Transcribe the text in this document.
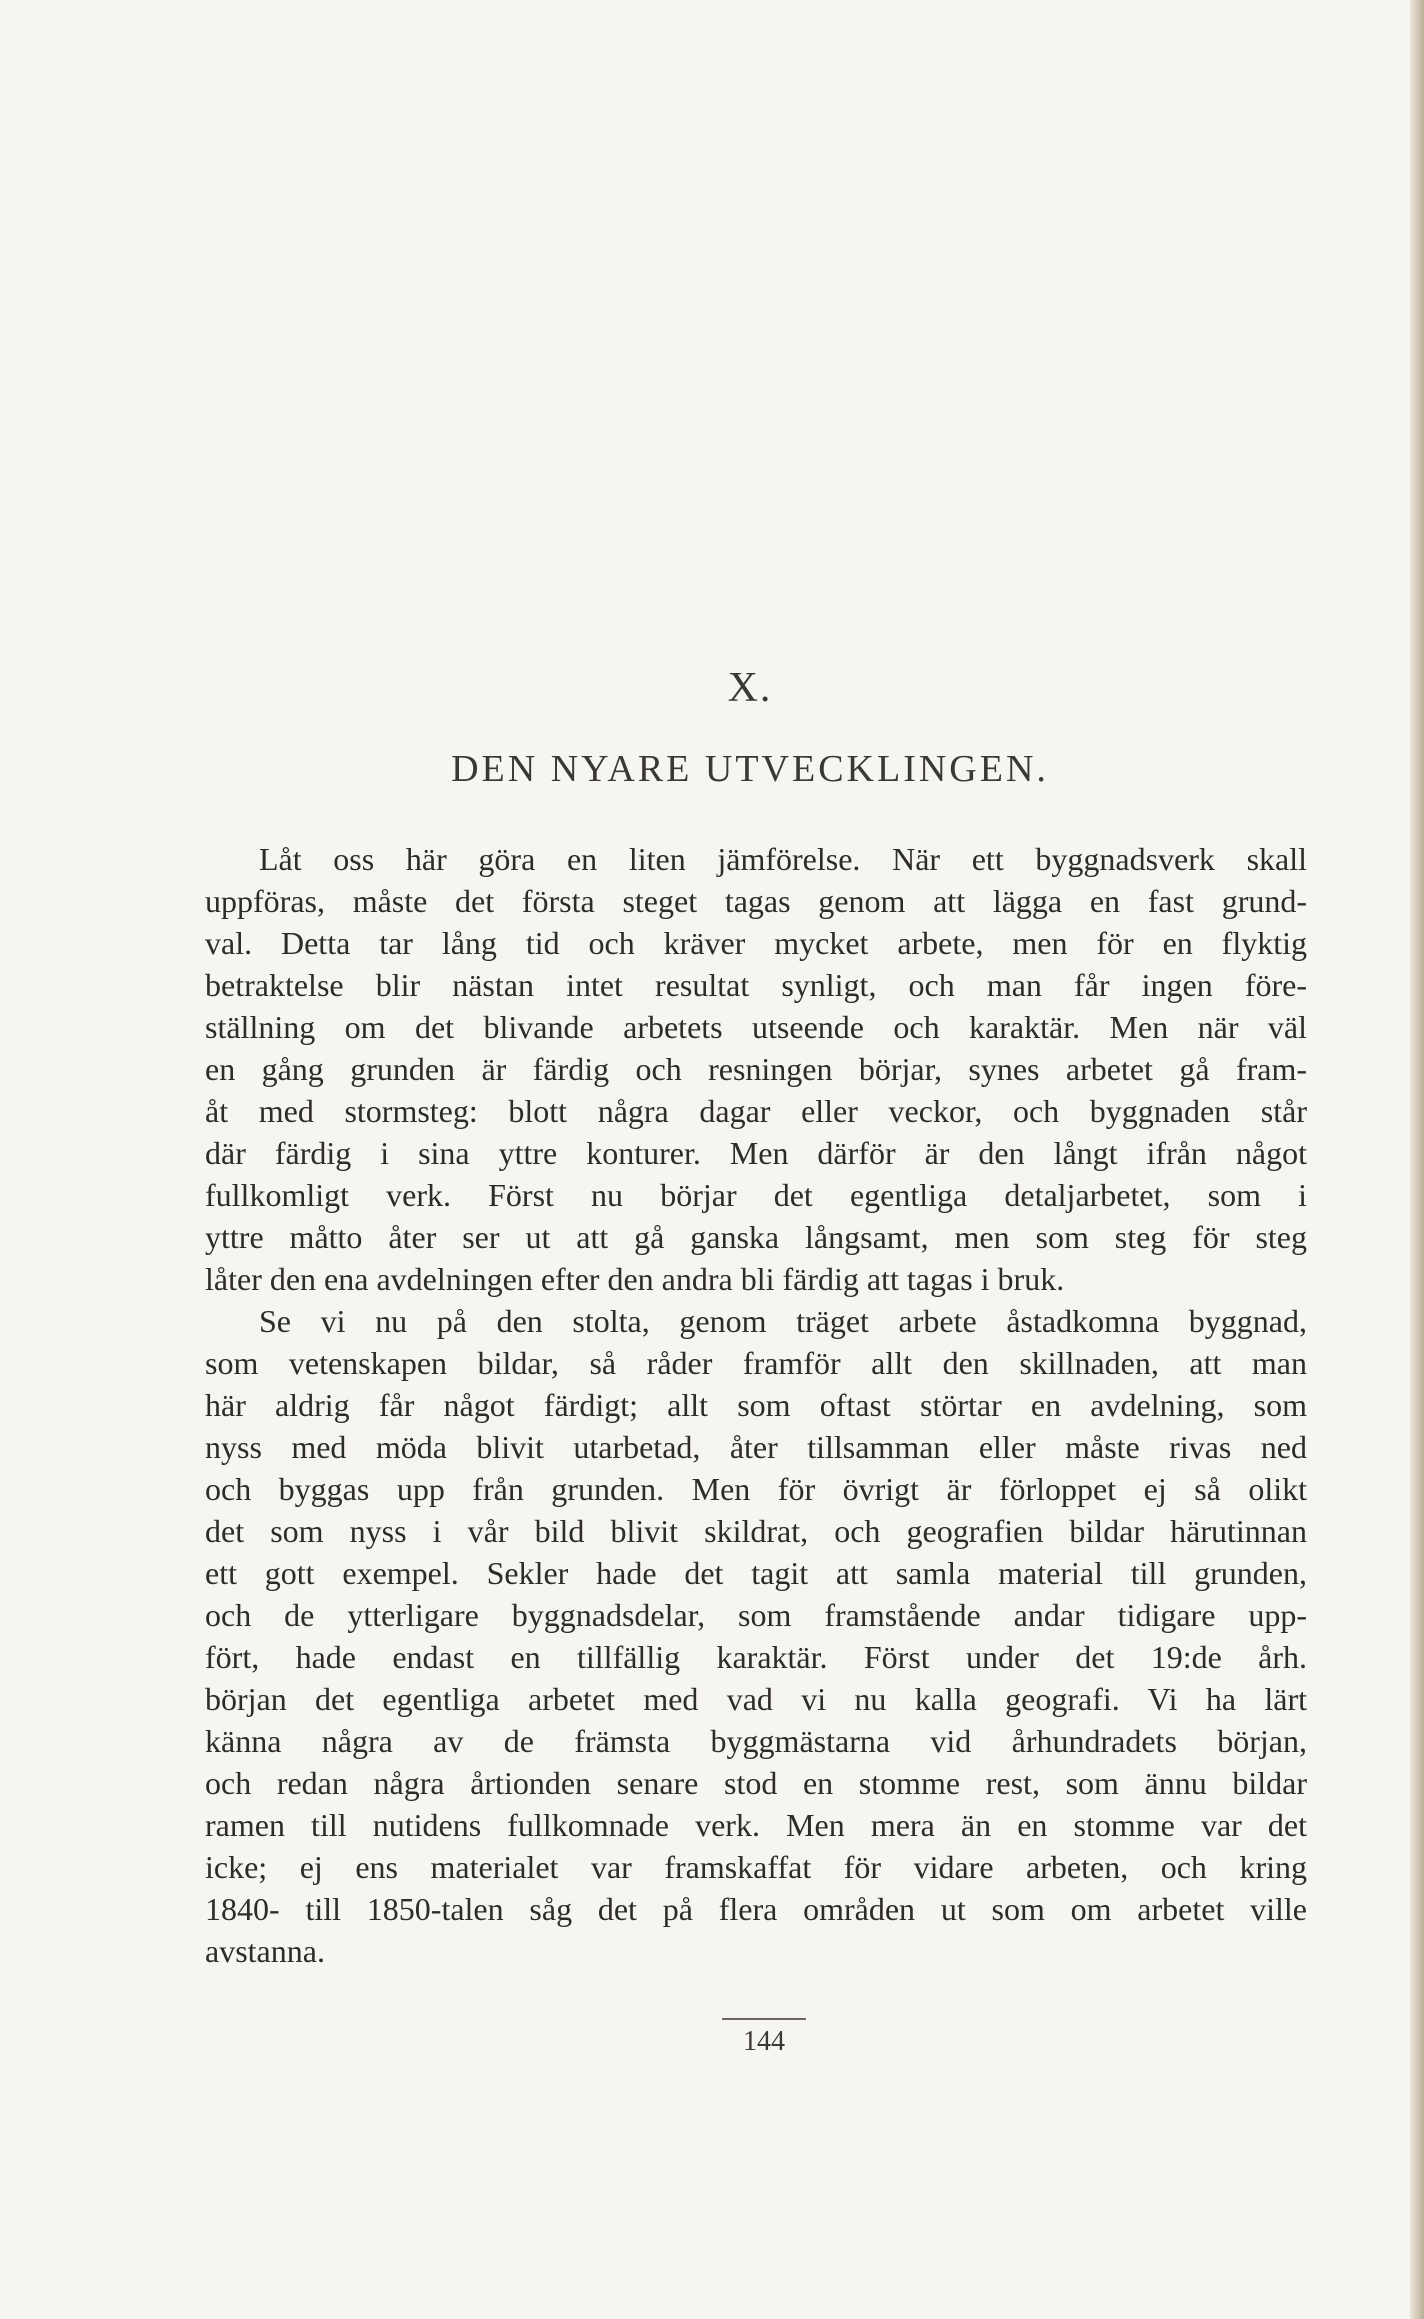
X.
DEN NYARE UTVECKLINGEN.
Låt oss här göra en liten jämförelse. När ett byggnadsverk skall
uppföras, måste det första steget tagas genom att lägga en fast grund-
val. Detta tar lång tid och kräver mycket arbete, men för en flyktig
betraktelse blir nästan intet resultat synligt, och man får ingen före-
ställning om det blivande arbetets utseende och karaktär. Men när väl
en gång grunden är färdig och resningen börjar, synes arbetet gå fram-
åt med stormsteg: blott några dagar eller veckor, och byggnaden står
där färdig i sina yttre konturer. Men därför är den långt ifrån något
fullkomligt verk. Först nu börjar det egentliga detaljarbetet, som i
yttre måtto åter ser ut att gå ganska långsamt, men som steg för steg
låter den ena avdelningen efter den andra bli färdig att tagas i bruk.
Se vi nu på den stolta, genom träget arbete åstadkomna byggnad,
som vetenskapen bildar, så råder framför allt den skillnaden, att man
här aldrig får något färdigt; allt som oftast störtar en avdelning, som
nyss med möda blivit utarbetad, åter tillsamman eller måste rivas ned
och byggas upp från grunden. Men för övrigt är förloppet ej så olikt
det som nyss i vår bild blivit skildrat, och geografien bildar härutinnan
ett gott exempel. Sekler hade det tagit att samla material till grunden,
och de ytterligare byggnadsdelar, som framstående andar tidigare upp-
fört, hade endast en tillfällig karaktär. Först under det 19:de årh.
början det egentliga arbetet med vad vi nu kalla geografi. Vi ha lärt
känna några av de främsta byggmästarna vid århundradets början,
och redan några årtionden senare stod en stomme rest, som ännu bildar
ramen till nutidens fullkomnade verk. Men mera än en stomme var det
icke; ej ens materialet var framskaffat för vidare arbeten, och kring
1840- till 1850-talen såg det på flera områden ut som om arbetet ville
avstanna.
144
